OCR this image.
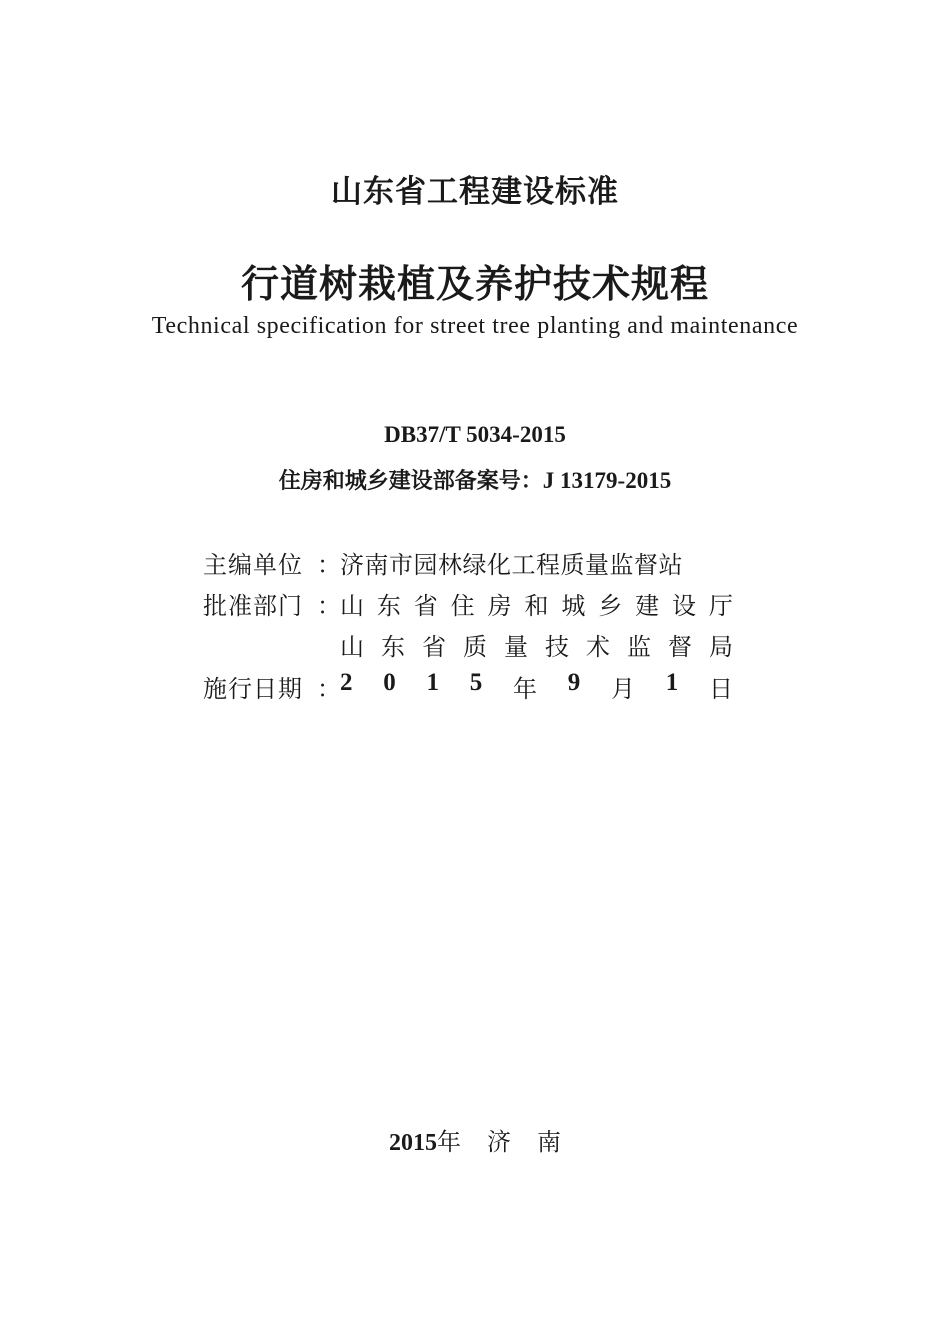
山东省工程建设标准
行道树栽植及养护技术规程
Technical specification for street tree planting and maintenance
DB37/T 5034-2015
住房和城乡建设部备案号：J 13179-2015
主编单位 ： 济南市园林绿化工程质量监督站
批准部门 ： 山 东 省 住 房 和 城 乡 建 设 厅
山 东 省 质 量 技 术 监 督 局
施行日期 ： 2 0 1 5 年 9 月 1 日
2015年 济 南
